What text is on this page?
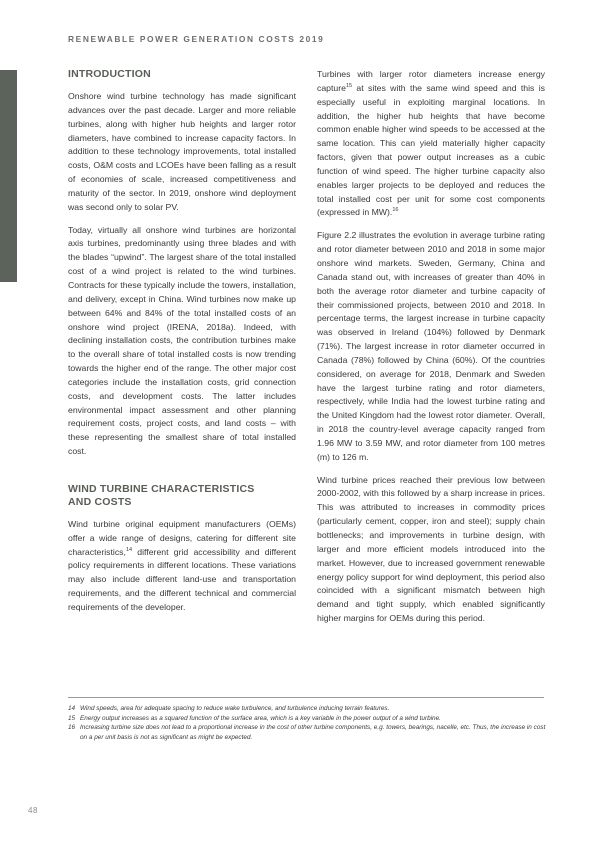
RENEWABLE POWER GENERATION COSTS 2019
INTRODUCTION

Onshore wind turbine technology has made significant advances over the past decade. Larger and more reliable turbines, along with higher hub heights and larger rotor diameters, have combined to increase capacity factors. In addition to these technology improvements, total installed costs, O&M costs and LCOEs have been falling as a result of economies of scale, increased competitiveness and maturity of the sector. In 2019, onshore wind deployment was second only to solar PV.

Today, virtually all onshore wind turbines are horizontal axis turbines, predominantly using three blades and with the blades “upwind”. The largest share of the total installed cost of a wind project is related to the wind turbines. Contracts for these typically include the towers, installation, and delivery, except in China. Wind turbines now make up between 64% and 84% of the total installed costs of an onshore wind project (IRENA, 2018a). Indeed, with declining installation costs, the contribution turbines make to the overall share of total installed costs is now trending towards the higher end of the range. The other major cost categories include the installation costs, grid connection costs, and development costs. The latter includes environmental impact assessment and other planning requirement costs, project costs, and land costs – with these representing the smallest share of total installed cost.

WIND TURBINE CHARACTERISTICS
AND COSTS

Wind turbine original equipment manufacturers (OEMs) offer a wide range of designs, catering for different site characteristics,$^{14}$ different grid accessibility and different policy requirements in different locations. These variations may also include different land-use and transportation requirements, and the different technical and commercial requirements of the developer.

Turbines with larger rotor diameters increase energy capture$^{15}$ at sites with the same wind speed and this is especially useful in exploiting marginal locations. In addition, the higher hub heights that have become common enable higher wind speeds to be accessed at the same location. This can yield materially higher capacity factors, given that power output increases as a cubic function of wind speed. The higher turbine capacity also enables larger projects to be deployed and reduces the total installed cost per unit for some cost components (expressed in MW).$^{16}$

Figure 2.2 illustrates the evolution in average turbine rating and rotor diameter between 2010 and 2018 in some major onshore wind markets. Sweden, Germany, China and Canada stand out, with increases of greater than 40% in both the average rotor diameter and turbine capacity of their commissioned projects, between 2010 and 2018. In percentage terms, the largest increase in turbine capacity was observed in Ireland (104%) followed by Denmark (71%). The largest increase in rotor diameter occurred in Canada (78%) followed by China (60%). Of the countries considered, on average for 2018, Denmark and Sweden have the largest turbine rating and rotor diameters, respectively, while India had the lowest turbine rating and the United Kingdom had the lowest rotor diameter. Overall, in 2018 the country-level average capacity ranged from 1.96 MW to 3.59 MW, and rotor diameter from 100 metres (m) to 126 m.

Wind turbine prices reached their previous low between 2000-2002, with this followed by a sharp increase in prices. This was attributed to increases in commodity prices (particularly cement, copper, iron and steel); supply chain bottlenecks; and improvements in turbine design, with larger and more efficient models introduced into the market. However, due to increased government renewable energy policy support for wind deployment, this period also coincided with a significant mismatch between high demand and tight supply, which enabled significantly higher margins for OEMs during this period.

14 Wind speeds, area for adequate spacing to reduce wake turbulence, and turbulence inducing terrain features.
15 Energy output increases as a squared function of the surface area, which is a key variable in the power output of a wind turbine.
16 Increasing turbine size does not lead to a proportional increase in the cost of other turbine components, e.g. towers, bearings, nacelle, etc. Thus, the increase in cost on a per unit basis is not as significant as might be expected.
48
